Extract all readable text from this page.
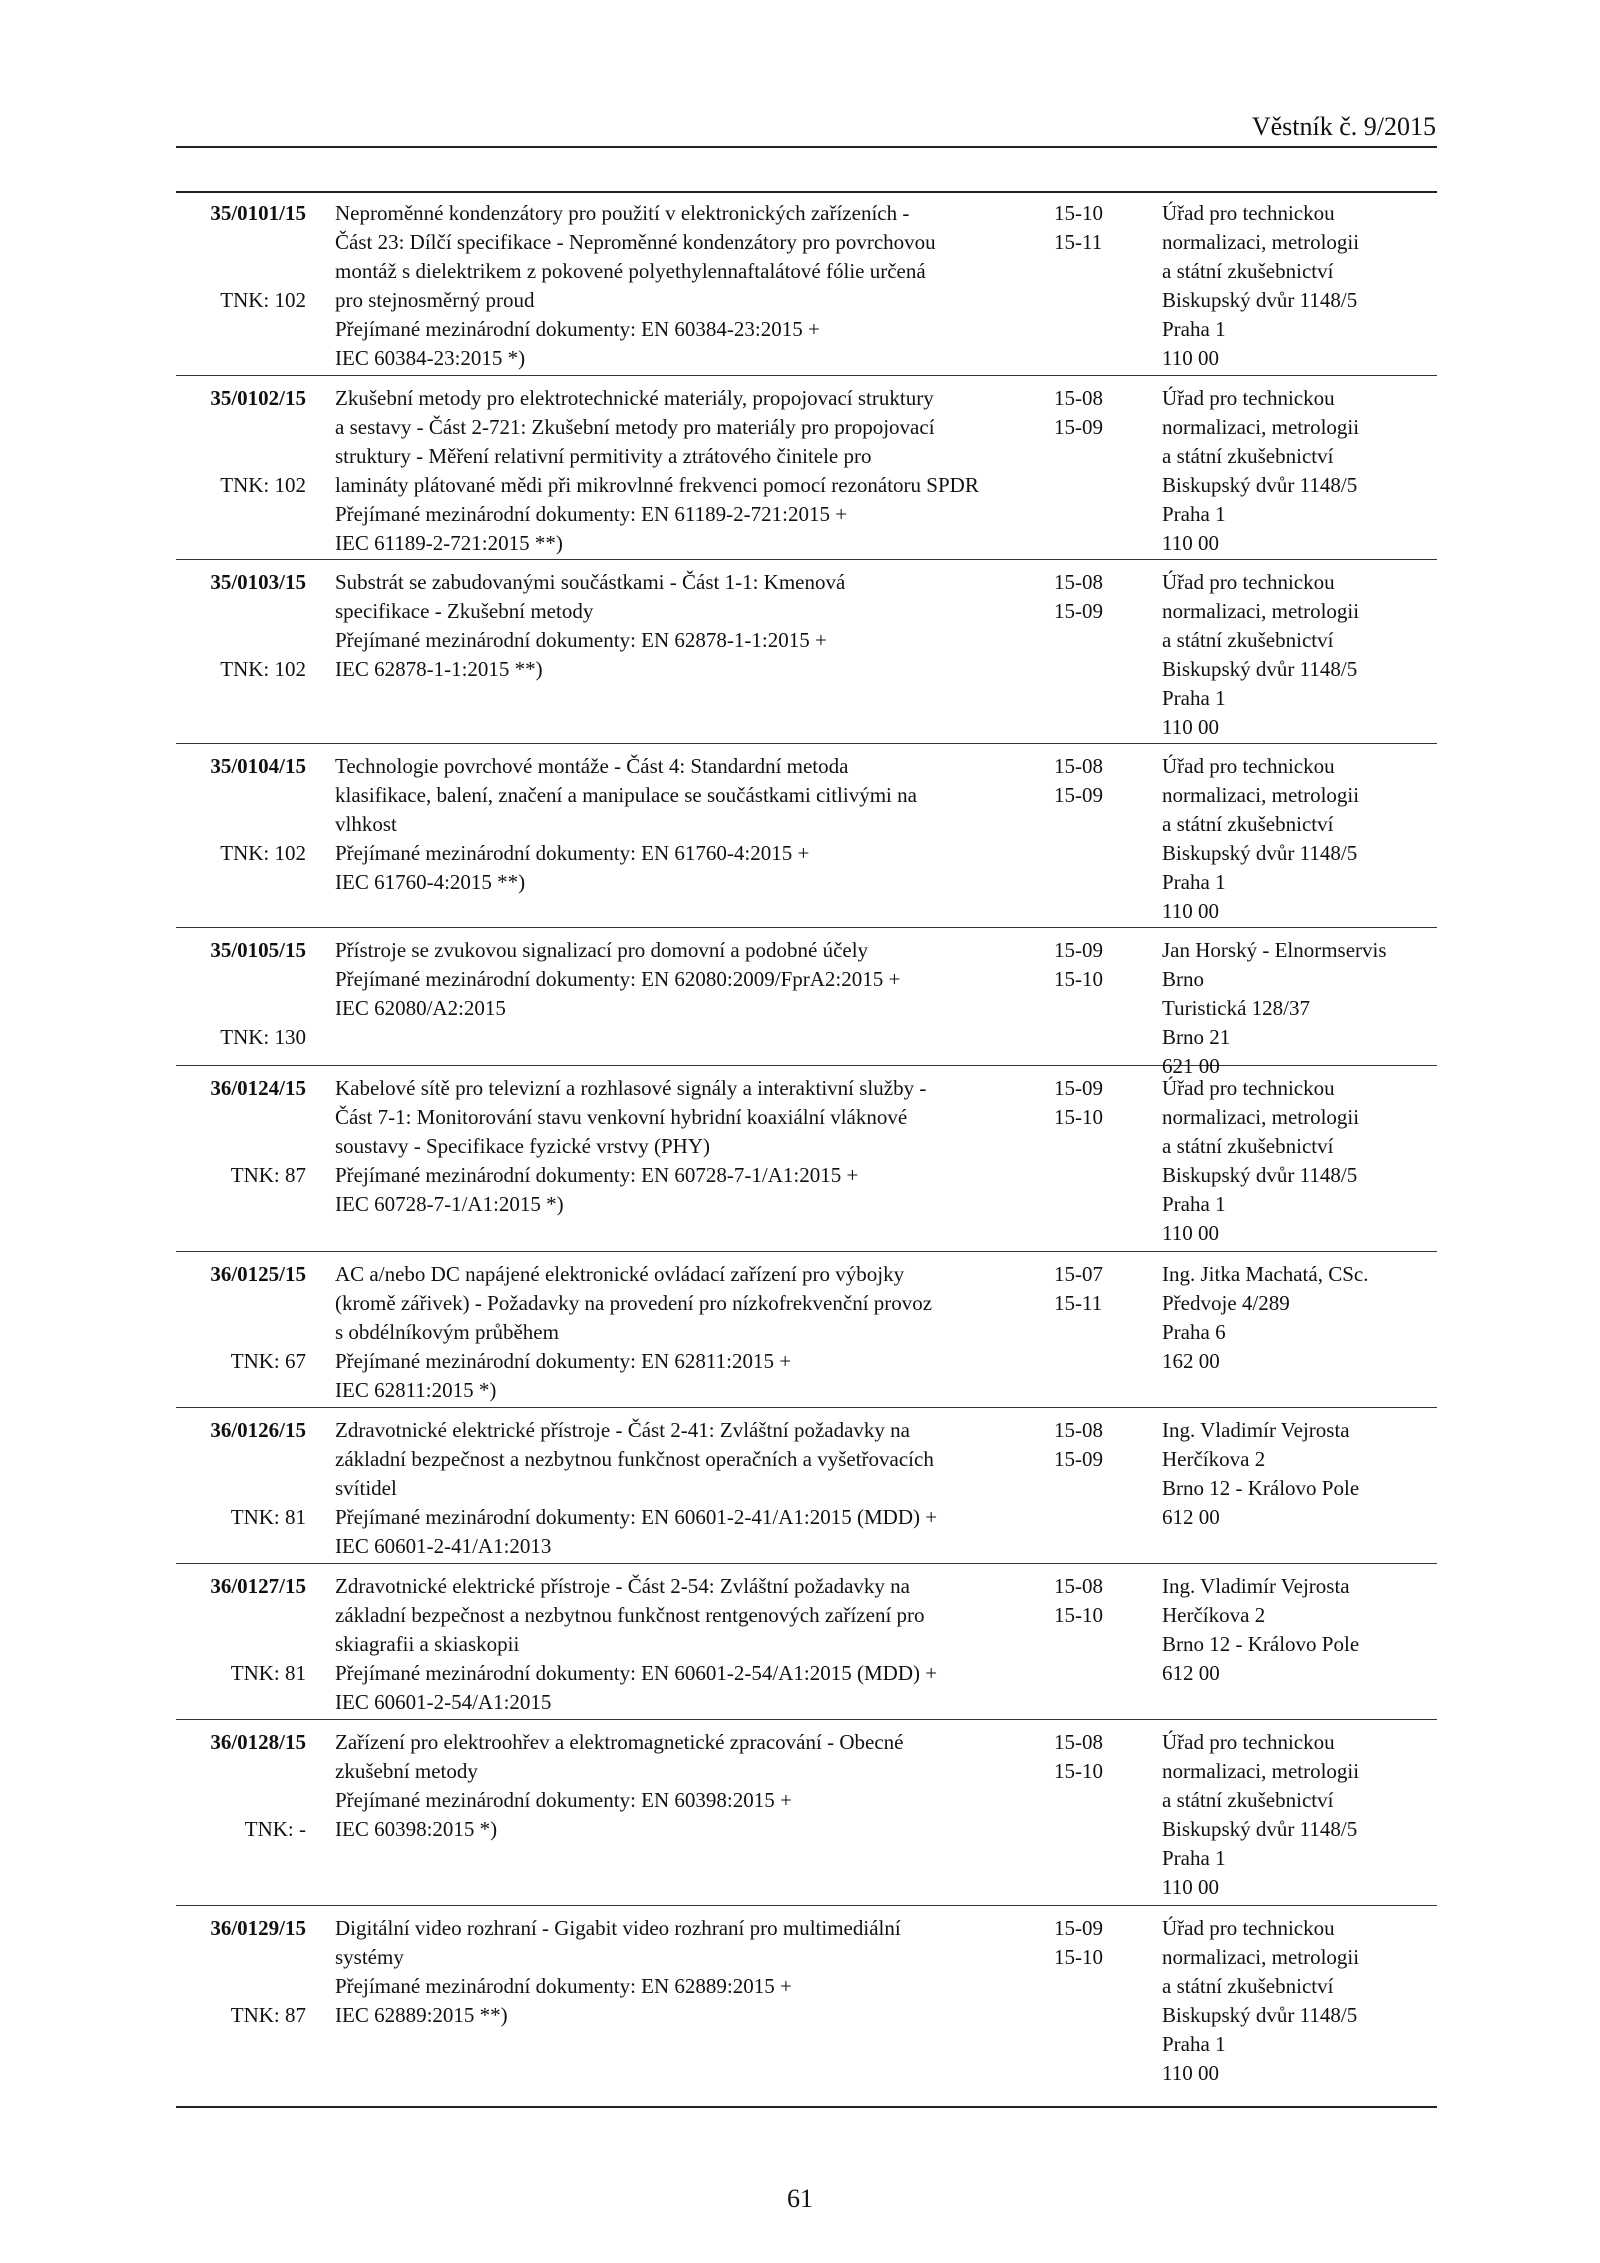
Věstník č. 9/2015
35/0101/15
TNK: 102
Neproměnné kondenzátory pro použití v elektronických zařízeních -
Část 23: Dílčí specifikace - Neproměnné kondenzátory pro povrchovou
montáž s dielektrikem z pokovené polyethylennaftalátové fólie určená
pro stejnosměrný proud
Přejímané mezinárodní dokumenty: EN 60384-23:2015 +
IEC 60384-23:2015 *)
15-10
15-11
Úřad pro technickou
normalizaci, metrologii
a státní zkušebnictví
Biskupský dvůr 1148/5
Praha 1
110 00
35/0102/15
TNK: 102
Zkušební metody pro elektrotechnické materiály, propojovací struktury
a sestavy - Část 2-721: Zkušební metody pro materiály pro propojovací
struktury - Měření relativní permitivity a ztrátového činitele pro
lamináty plátované mědi při mikrovlnné frekvenci pomocí rezonátoru SPDR
Přejímané mezinárodní dokumenty: EN 61189-2-721:2015 +
IEC 61189-2-721:2015 **)
15-08
15-09
Úřad pro technickou
normalizaci, metrologii
a státní zkušebnictví
Biskupský dvůr 1148/5
Praha 1
110 00
35/0103/15
TNK: 102
Substrát se zabudovanými součástkami - Část 1-1: Kmenová
specifikace - Zkušební metody
Přejímané mezinárodní dokumenty: EN 62878-1-1:2015 +
IEC 62878-1-1:2015 **)
15-08
15-09
Úřad pro technickou
normalizaci, metrologii
a státní zkušebnictví
Biskupský dvůr 1148/5
Praha 1
110 00
35/0104/15
TNK: 102
Technologie povrchové montáže - Část 4: Standardní metoda
klasifikace, balení, značení a manipulace se součástkami citlivými na
vlhkost
Přejímané mezinárodní dokumenty: EN 61760-4:2015 +
IEC 61760-4:2015 **)
15-08
15-09
Úřad pro technickou
normalizaci, metrologii
a státní zkušebnictví
Biskupský dvůr 1148/5
Praha 1
110 00
35/0105/15
TNK: 130
Přístroje se zvukovou signalizací pro domovní a podobné účely
Přejímané mezinárodní dokumenty: EN 62080:2009/FprA2:2015 +
IEC 62080/A2:2015
15-09
15-10
Jan Horský - Elnormservis
Brno
Turistická 128/37
Brno 21
621 00
36/0124/15
TNK: 87
Kabelové sítě pro televizní a rozhlasové signály a interaktivní služby -
Část 7-1: Monitorování stavu venkovní hybridní koaxiální vláknové
soustavy - Specifikace fyzické vrstvy (PHY)
Přejímané mezinárodní dokumenty: EN 60728-7-1/A1:2015 +
IEC 60728-7-1/A1:2015 *)
15-09
15-10
Úřad pro technickou
normalizaci, metrologii
a státní zkušebnictví
Biskupský dvůr 1148/5
Praha 1
110 00
36/0125/15
TNK: 67
AC a/nebo DC napájené elektronické ovládací zařízení pro výbojky
(kromě zářivek) - Požadavky na provedení pro nízkofrekvenční provoz
s obdélníkovým průběhem
Přejímané mezinárodní dokumenty: EN 62811:2015 +
IEC 62811:2015 *)
15-07
15-11
Ing. Jitka Machatá, CSc.
Předvoje 4/289
Praha 6
162 00
36/0126/15
TNK: 81
Zdravotnické elektrické přístroje - Část 2-41: Zvláštní požadavky na
základní bezpečnost a nezbytnou funkčnost operačních a vyšetřovacích
svítidel
Přejímané mezinárodní dokumenty: EN 60601-2-41/A1:2015 (MDD) +
IEC 60601-2-41/A1:2013
15-08
15-09
Ing. Vladimír Vejrosta
Herčíkova 2
Brno 12 - Královo Pole
612 00
36/0127/15
TNK: 81
Zdravotnické elektrické přístroje - Část 2-54: Zvláštní požadavky na
základní bezpečnost a nezbytnou funkčnost rentgenových zařízení pro
skiagrafii a skiaskopii
Přejímané mezinárodní dokumenty: EN 60601-2-54/A1:2015 (MDD) +
IEC 60601-2-54/A1:2015
15-08
15-10
Ing. Vladimír Vejrosta
Herčíkova 2
Brno 12 - Královo Pole
612 00
36/0128/15
TNK: -
Zařízení pro elektroohřev a elektromagnetické zpracování - Obecné
zkušební metody
Přejímané mezinárodní dokumenty: EN 60398:2015 +
IEC 60398:2015 *)
15-08
15-10
Úřad pro technickou
normalizaci, metrologii
a státní zkušebnictví
Biskupský dvůr 1148/5
Praha 1
110 00
36/0129/15
TNK: 87
Digitální video rozhraní - Gigabit video rozhraní pro multimediální
systémy
Přejímané mezinárodní dokumenty: EN 62889:2015 +
IEC 62889:2015 **)
15-09
15-10
Úřad pro technickou
normalizaci, metrologii
a státní zkušebnictví
Biskupský dvůr 1148/5
Praha 1
110 00
61
